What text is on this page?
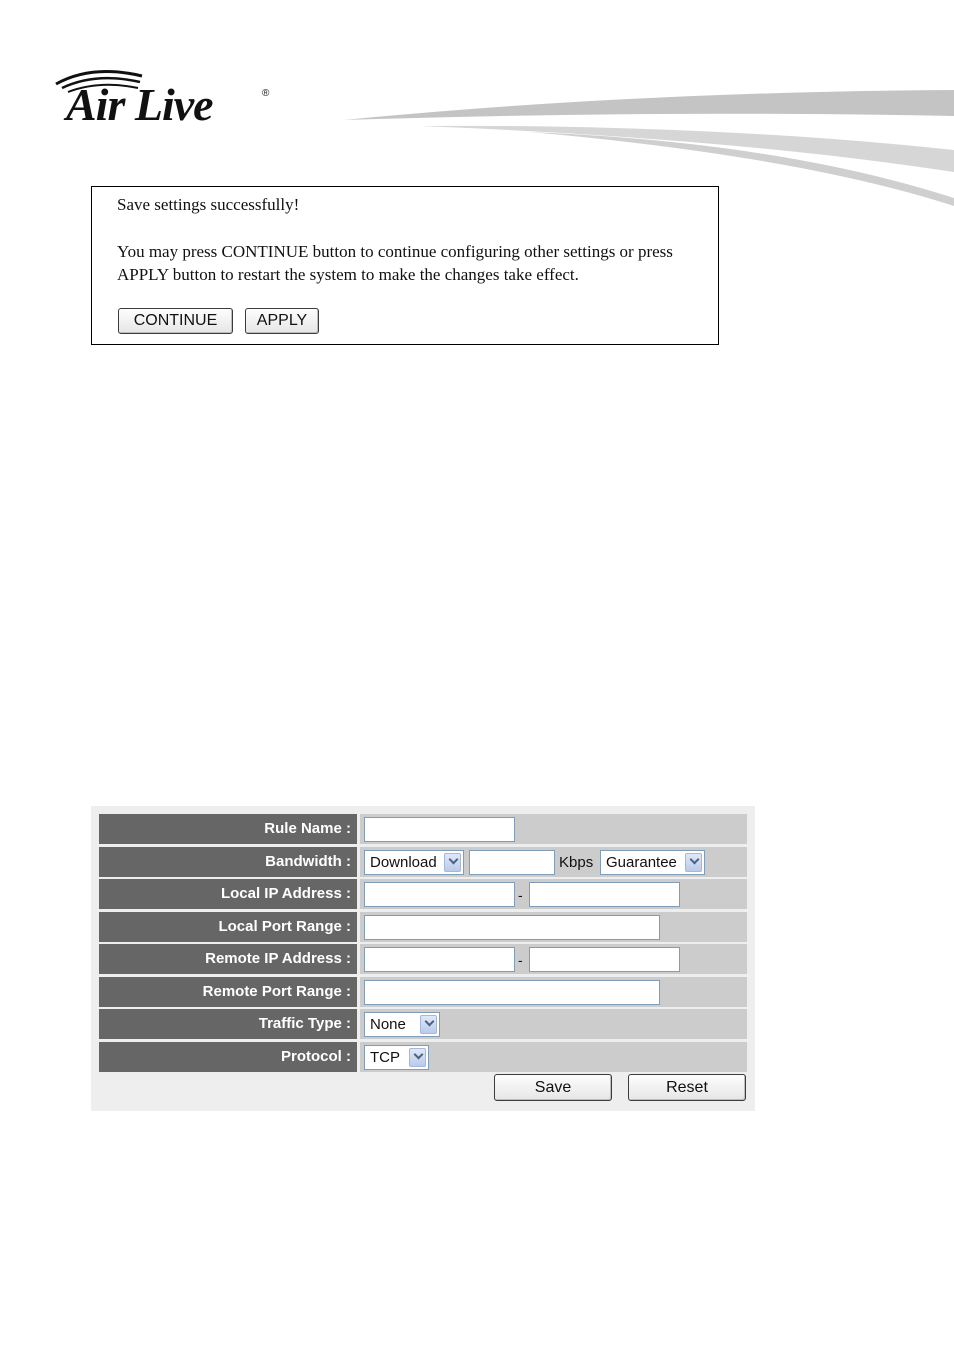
Air Live	®
Save settings successfully!
You may press CONTINUE button to continue configuring other settings or press APPLY button to restart the system to make the changes take effect.
CONTINUE	APPLY
Rule Name :
Bandwidth :	Download	Kbps Guarantee
Local IP Address :	-
Local Port Range :
Remote IP Address :	-
Remote Port Range :
Traffic Type :	None
Protocol :	TCP
Save	Reset
